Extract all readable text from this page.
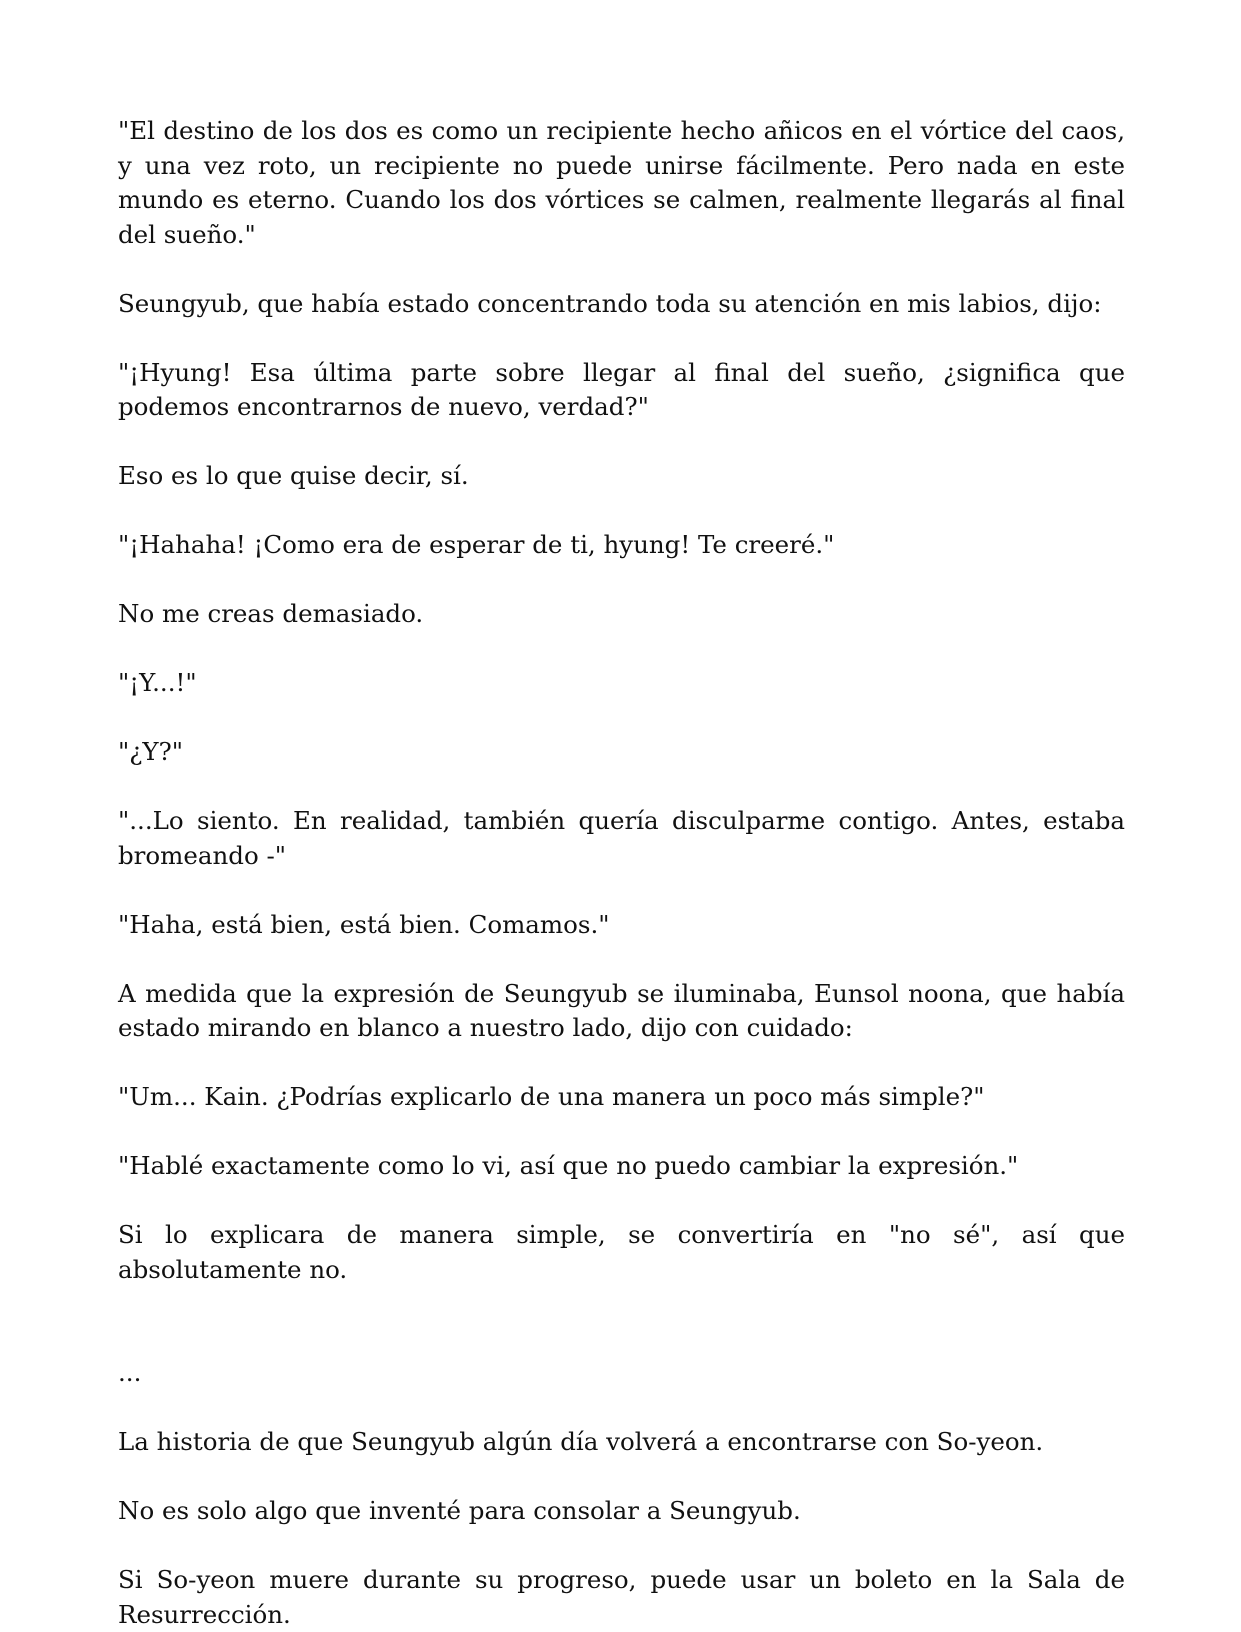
"El destino de los dos es como un recipiente hecho añicos en el vórtice del caos, y una vez roto, un recipiente no puede unirse fácilmente. Pero nada en este mundo es eterno. Cuando los dos vórtices se calmen, realmente llegarás al final del sueño."

Seungyub, que había estado concentrando toda su atención en mis labios, dijo:

"¡Hyung! Esa última parte sobre llegar al final del sueño, ¿significa que podemos encontrarnos de nuevo, verdad?"

Eso es lo que quise decir, sí.

"¡Hahaha! ¡Como era de esperar de ti, hyung! Te creeré."

No me creas demasiado.

"¡Y...!"

"¿Y?"

"...Lo siento. En realidad, también quería disculparme contigo. Antes, estaba bromeando -"

"Haha, está bien, está bien. Comamos."

A medida que la expresión de Seungyub se iluminaba, Eunsol noona, que había estado mirando en blanco a nuestro lado, dijo con cuidado:

"Um... Kain. ¿Podrías explicarlo de una manera un poco más simple?"

"Hablé exactamente como lo vi, así que no puedo cambiar la expresión."

Si lo explicara de manera simple, se convertiría en "no sé", así que absolutamente no.

...

La historia de que Seungyub algún día volverá a encontrarse con So-yeon.

No es solo algo que inventé para consolar a Seungyub.

Si So-yeon muere durante su progreso, puede usar un boleto en la Sala de Resurrección.
